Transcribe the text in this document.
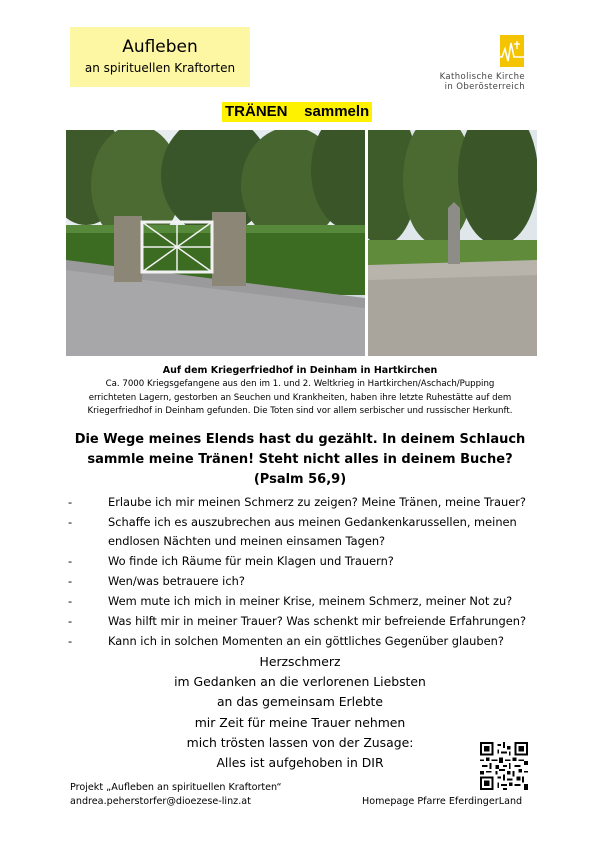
Aufleben
an spirituellen Kraftorten
Katholische Kirche
in Oberösterreich
TRÄNEN    sammeln
Auf dem Kriegerfriedhof in Deinham in Hartkirchen
Ca. 7000 Kriegsgefangene aus den im 1. und 2. Weltkrieg in Hartkirchen/Aschach/Pupping
errichteten Lagern, gestorben an Seuchen und Krankheiten, haben ihre letzte Ruhestätte auf dem
Kriegerfriedhof in Deinham gefunden. Die Toten sind vor allem serbischer und russischer Herkunft.
Die Wege meines Elends hast du gezählt. In deinem Schlauch
sammle meine Tränen! Steht nicht alles in deinem Buche?
(Psalm 56,9)
-	Erlaube ich mir meinen Schmerz zu zeigen? Meine Tränen, meine Trauer?
-	Schaffe ich es auszubrechen aus meinen Gedankenkarussellen, meinen endlosen Nächten und meinen einsamen Tagen?
-	Wo finde ich Räume für mein Klagen und Trauern?
-	Wen/was betrauere ich?
-	Wem mute ich mich in meiner Krise, meinem Schmerz, meiner Not zu?
-	Was hilft mir in meiner Trauer? Was schenkt mir befreiende Erfahrungen?
-	Kann ich in solchen Momenten an ein göttliches Gegenüber glauben?
Herzschmerz
im Gedanken an die verlorenen Liebsten
an das gemeinsam Erlebte
mir Zeit für meine Trauer nehmen
mich trösten lassen von der Zusage:
Alles ist aufgehoben in DIR
Projekt „Aufleben an spirituellen Kraftorten“
andrea.peherstorfer@dioezese-linz.at	Homepage Pfarre EferdingerLand
